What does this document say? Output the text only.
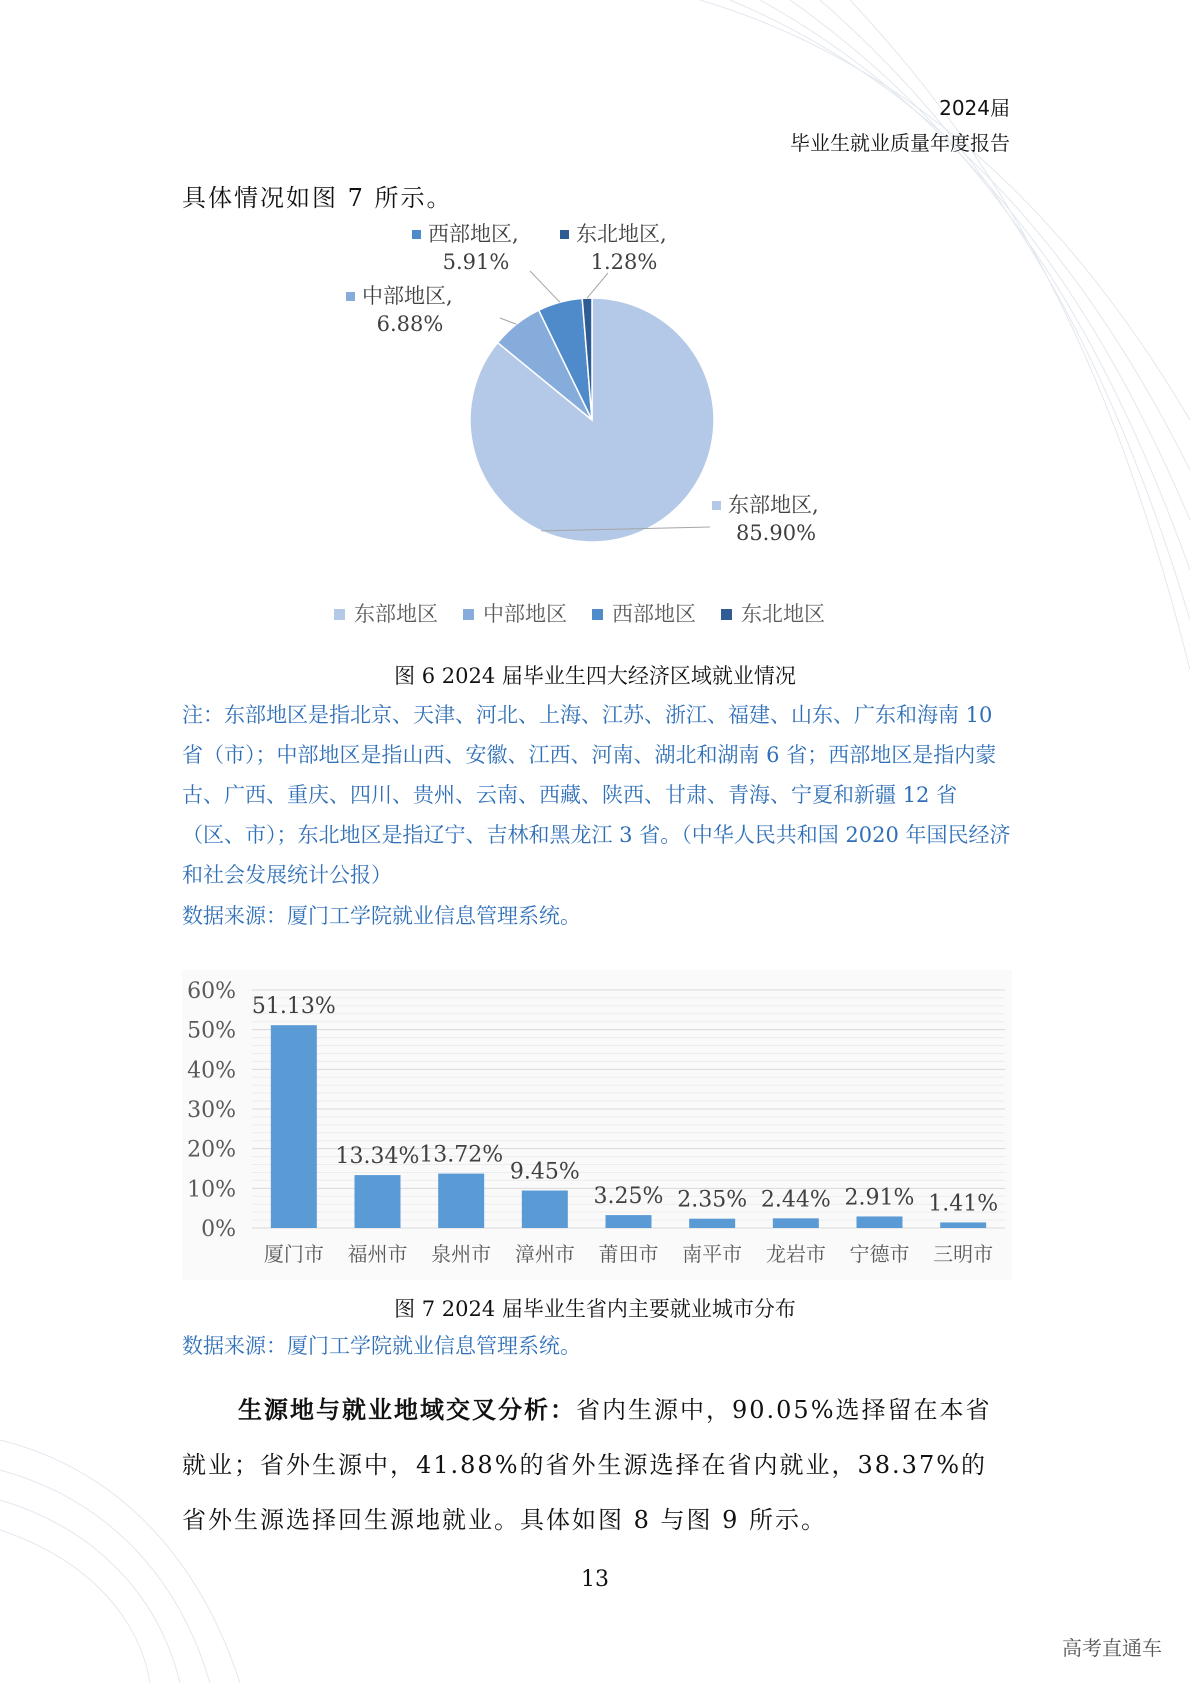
2024届
毕业生就业质量年度报告
具体情况如图 7 所示。
东部地区,
85.90%
中部地区,
6.88%
西部地区,
5.91%
东北地区,
1.28%
东部地区 中部地区 西部地区 东北地区
图 6 2024 届毕业生四大经济区域就业情况
注：东部地区是指北京、天津、河北、上海、江苏、浙江、福建、山东、广东和海南 10 省（市）；中部地区是指山西、安徽、江西、河南、湖北和湖南 6 省；西部地区是指内蒙古、广西、重庆、四川、贵州、云南、西藏、陕西、甘肃、青海、宁夏和新疆 12 省（区、市）；东北地区是指辽宁、吉林和黑龙江 3 省。（中华人民共和国 2020 年国民经济和社会发展统计公报）
数据来源：厦门工学院就业信息管理系统。
0%
10%
20%
30%
40%
50%
60%
51.13%
厦门市
13.34%
福州市
13.72%
泉州市
9.45%
漳州市
3.25%
莆田市
2.35%
南平市
2.44%
龙岩市
2.91%
宁德市
1.41%
三明市
图 7 2024 届毕业生省内主要就业城市分布
数据来源：厦门工学院就业信息管理系统。
生源地与就业地域交叉分析：省内生源中，90.05%选择留在本省就业；省外生源中，41.88%的省外生源选择在省内就业，38.37%的省外生源选择回生源地就业。具体如图 8 与图 9 所示。
13
高考直通车
